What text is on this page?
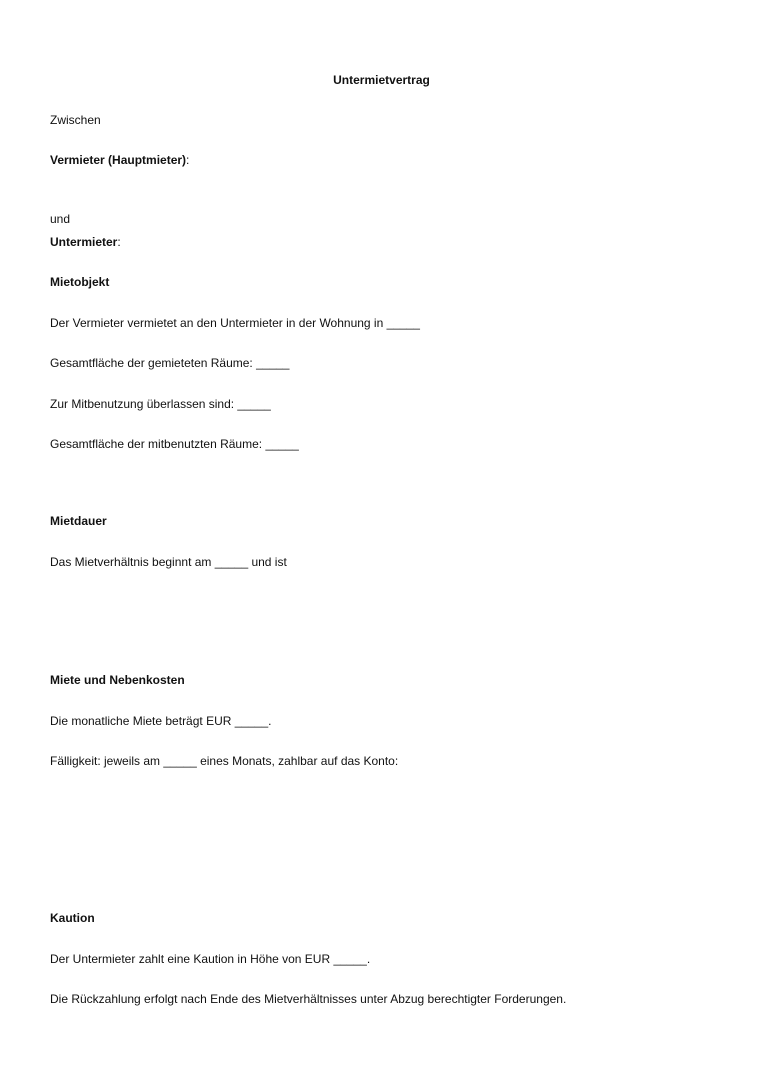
Untermietvertrag
Zwischen
Vermieter (Hauptmieter):
und
Untermieter:
Mietobjekt
Der Vermieter vermietet an den Untermieter in der Wohnung in _____
Gesamtfläche der gemieteten Räume: _____
Zur Mitbenutzung überlassen sind: _____
Gesamtfläche der mitbenutzten Räume: _____
Mietdauer
Das Mietverhältnis beginnt am _____ und ist
Miete und Nebenkosten
Die monatliche Miete beträgt EUR _____.
Fälligkeit: jeweils am _____ eines Monats, zahlbar auf das Konto:
Kaution
Der Untermieter zahlt eine Kaution in Höhe von EUR _____.
Die Rückzahlung erfolgt nach Ende des Mietverhältnisses unter Abzug berechtigter Forderungen.
